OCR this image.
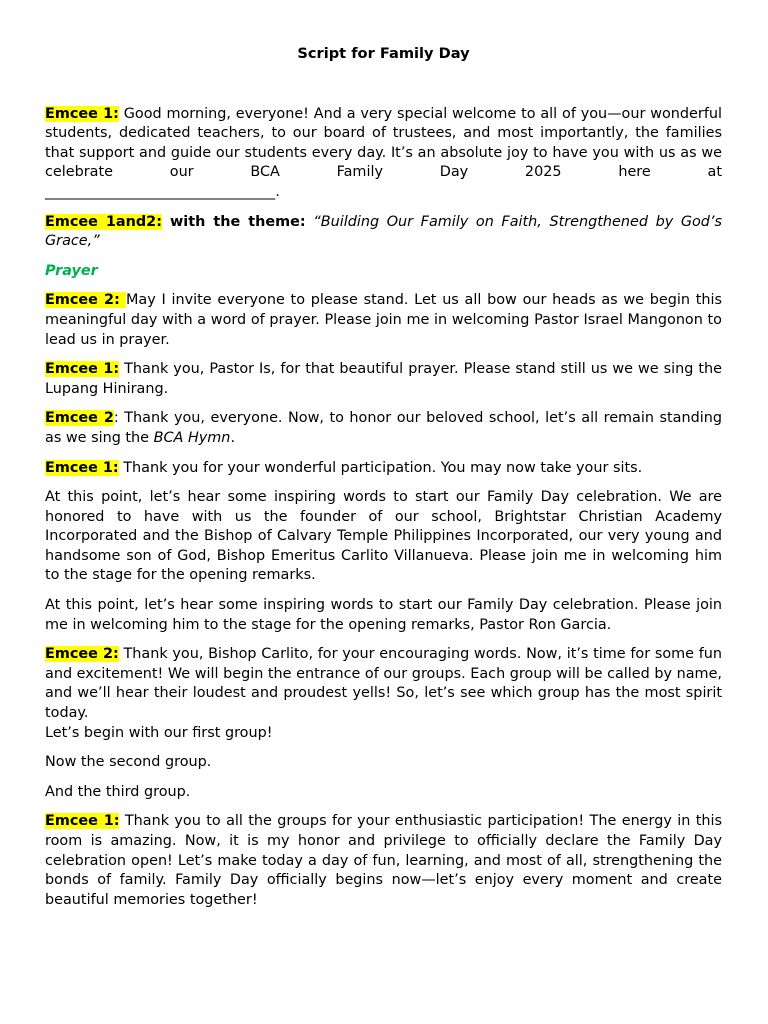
Script for Family Day

Emcee 1: Good morning, everyone! And a very special welcome to all of you—our wonderful students, dedicated teachers, to our board of trustees, and most importantly, the families that support and guide our students every day. It’s an absolute joy to have you with us as we celebrate our BCA Family Day 2025 here at
________________________________.

Emcee 1and2: with the theme: “Building Our Family on Faith, Strengthened by God’s Grace,”

Prayer

Emcee 2: May I invite everyone to please stand. Let us all bow our heads as we begin this meaningful day with a word of prayer. Please join me in welcoming Pastor Israel Mangonon to lead us in prayer.

Emcee 1: Thank you, Pastor Is, for that beautiful prayer. Please stand still us we we sing the Lupang Hinirang.

Emcee 2: Thank you, everyone. Now, to honor our beloved school, let’s all remain standing as we sing the BCA Hymn.

Emcee 1: Thank you for your wonderful participation. You may now take your sits.

At this point, let’s hear some inspiring words to start our Family Day celebration. We are honored to have with us the founder of our school, Brightstar Christian Academy Incorporated and the Bishop of Calvary Temple Philippines Incorporated, our very young and handsome son of God, Bishop Emeritus Carlito Villanueva. Please join me in welcoming him to the stage for the opening remarks.

At this point, let’s hear some inspiring words to start our Family Day celebration. Please join me in welcoming him to the stage for the opening remarks, Pastor Ron Garcia.

Emcee 2: Thank you, Bishop Carlito, for your encouraging words. Now, it’s time for some fun and excitement! We will begin the entrance of our groups. Each group will be called by name, and we’ll hear their loudest and proudest yells! So, let’s see which group has the most spirit today.
Let’s begin with our first group!

Now the second group.

And the third group.

Emcee 1: Thank you to all the groups for your enthusiastic participation! The energy in this room is amazing. Now, it is my honor and privilege to officially declare the Family Day celebration open! Let’s make today a day of fun, learning, and most of all, strengthening the bonds of family. Family Day officially begins now—let’s enjoy every moment and create beautiful memories together!
